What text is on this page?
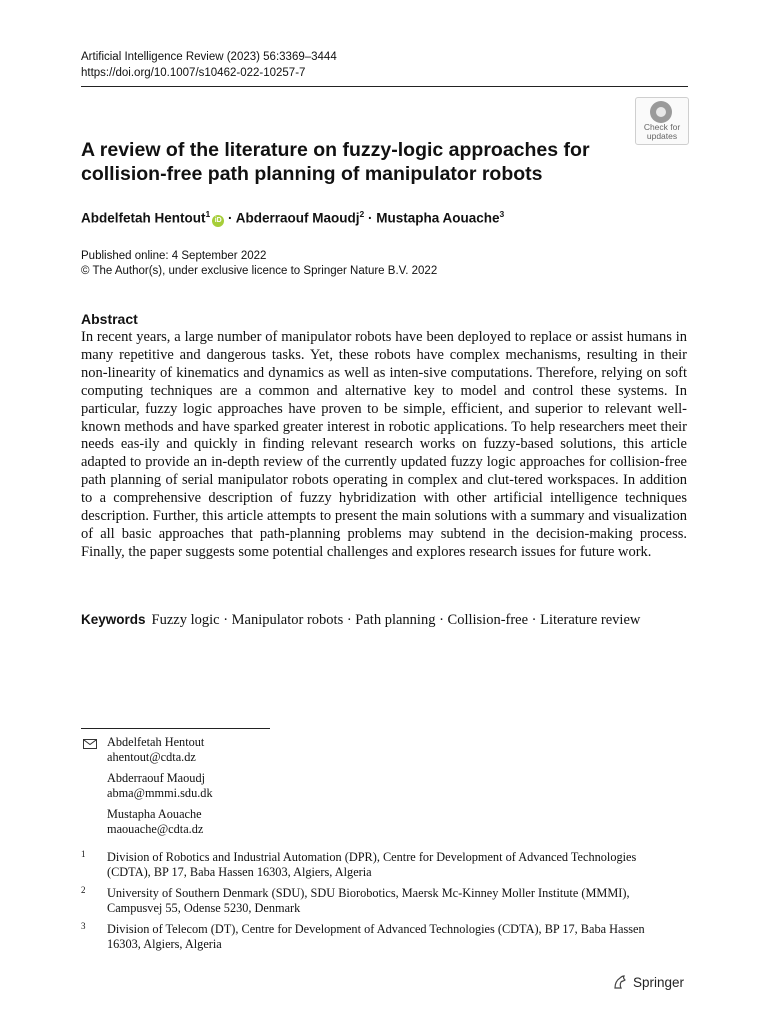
Artificial Intelligence Review (2023) 56:3369–3444
https://doi.org/10.1007/s10462-022-10257-7
Check for
updates
A review of the literature on fuzzy-logic approaches for collision-free path planning of manipulator robots
Abdelfetah Hentout$^1$iD · Abderraouf Maoudj$^2$ · Mustapha Aouache$^3$
Published online: 4 September 2022
© The Author(s), under exclusive licence to Springer Nature B.V. 2022
Abstract
In recent years, a large number of manipulator robots have been deployed to replace or assist humans in many repetitive and dangerous tasks. Yet, these robots have complex mechanisms, resulting in their non-linearity of kinematics and dynamics as well as inten-sive computations. Therefore, relying on soft computing techniques are a common and alternative key to model and control these systems. In particular, fuzzy logic approaches have proven to be simple, efficient, and superior to relevant well-known methods and have sparked greater interest in robotic applications. To help researchers meet their needs eas-ily and quickly in finding relevant research works on fuzzy-based solutions, this article adapted to provide an in-depth review of the currently updated fuzzy logic approaches for collision-free path planning of serial manipulator robots operating in complex and clut-tered workspaces. In addition to a comprehensive description of fuzzy hybridization with other artificial intelligence techniques description. Further, this article attempts to present the main solutions with a summary and visualization of all basic approaches that path-planning problems may subtend in the decision-making process. Finally, the paper suggests some potential challenges and explores research issues for future work.
Keywords Fuzzy logic · Manipulator robots · Path planning · Collision-free · Literature review
Abdelfetah Hentout
ahentout@cdta.dz
Abderraouf Maoudj
abma@mmmi.sdu.dk
Mustapha Aouache
maouache@cdta.dz
1 Division of Robotics and Industrial Automation (DPR), Centre for Development of Advanced Technologies (CDTA), BP 17, Baba Hassen 16303, Algiers, Algeria
2 University of Southern Denmark (SDU), SDU Biorobotics, Maersk Mc-Kinney Moller Institute (MMMI), Campusvej 55, Odense 5230, Denmark
3 Division of Telecom (DT), Centre for Development of Advanced Technologies (CDTA), BP 17, Baba Hassen 16303, Algiers, Algeria
Springer
